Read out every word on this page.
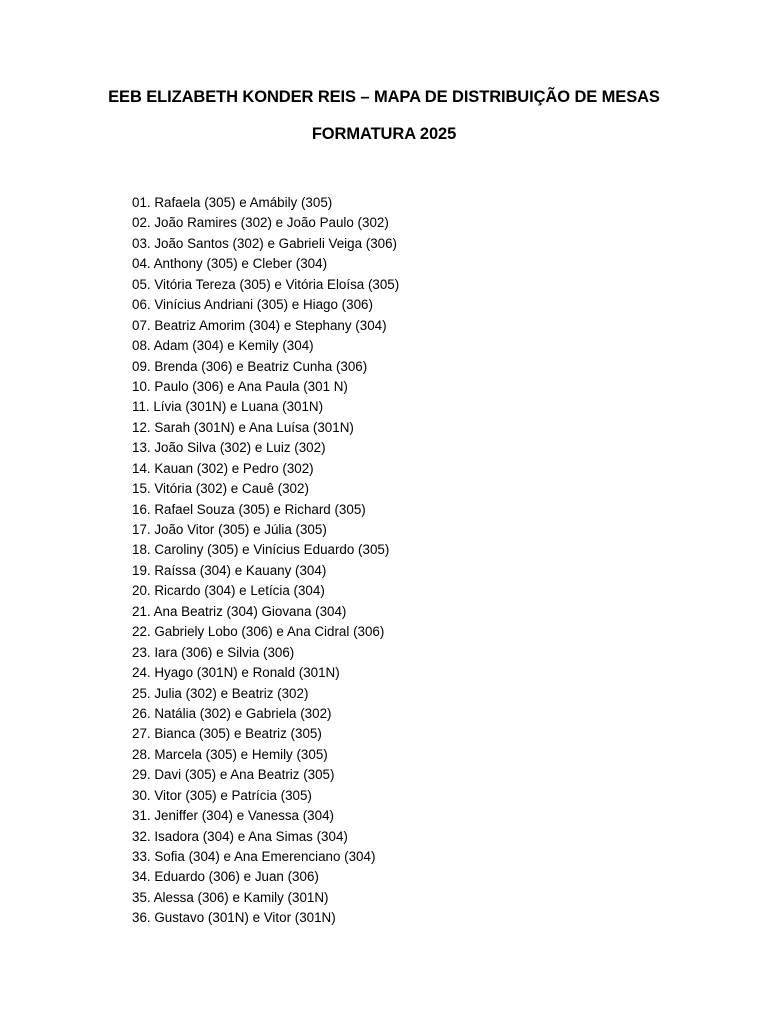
EEB ELIZABETH KONDER REIS – MAPA DE DISTRIBUIÇÃO DE MESAS
FORMATURA 2025
01. Rafaela (305) e Amábily (305)
02. João Ramires (302) e João Paulo (302)
03. João Santos (302) e Gabrieli Veiga (306)
04. Anthony (305) e Cleber (304)
05. Vitória Tereza (305) e Vitória Eloísa (305)
06. Vinícius Andriani (305) e Hiago (306)
07. Beatriz Amorim (304) e Stephany (304)
08. Adam (304) e Kemily (304)
09. Brenda (306) e Beatriz Cunha (306)
10. Paulo (306) e Ana Paula (301 N)
11. Lívia (301N) e Luana (301N)
12. Sarah (301N) e Ana Luísa (301N)
13. João Silva (302) e Luiz (302)
14. Kauan (302) e Pedro (302)
15. Vitória (302) e Cauê (302)
16. Rafael Souza (305) e Richard (305)
17. João Vitor (305) e Júlia (305)
18. Caroliny (305) e Vinícius Eduardo (305)
19. Raíssa (304) e Kauany (304)
20. Ricardo (304) e Letícia (304)
21. Ana Beatriz (304) Giovana (304)
22. Gabriely Lobo (306) e Ana Cidral (306)
23. Iara (306) e Silvia (306)
24. Hyago (301N) e Ronald (301N)
25. Julia (302) e Beatriz (302)
26. Natália (302) e Gabriela (302)
27. Bianca (305) e Beatriz (305)
28. Marcela (305) e Hemily (305)
29. Davi (305) e Ana Beatriz (305)
30. Vitor (305) e Patrícia (305)
31. Jeniffer (304) e Vanessa (304)
32. Isadora (304) e Ana Simas (304)
33. Sofia (304) e Ana Emerenciano (304)
34. Eduardo (306) e Juan (306)
35. Alessa (306) e Kamily (301N)
36. Gustavo (301N) e Vitor (301N)
